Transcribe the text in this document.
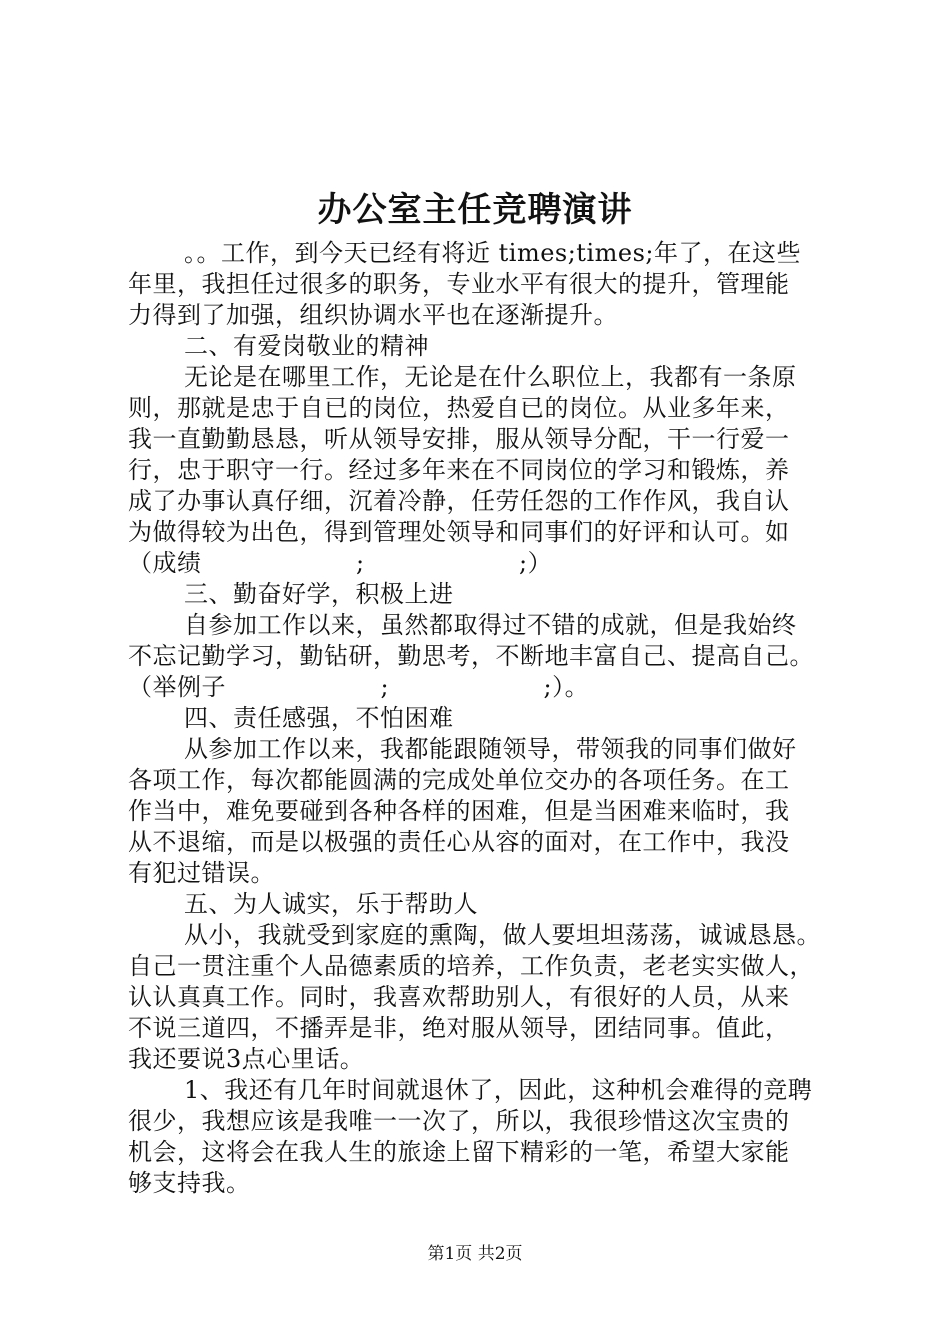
办公室主任竞聘演讲
。。工作，到今天已经有将近 times;times;年了，在这些
年里，我担任过很多的职务，专业水平有很大的提升，管理能
力得到了加强，组织协调水平也在逐渐提升。
二、有爱岗敬业的精神
无论是在哪里工作，无论是在什么职位上，我都有一条原
则，那就是忠于自已的岗位，热爱自已的岗位。从业多年来，
我一直勤勤恳恳，听从领导安排，服从领导分配，干一行爱一
行，忠于职守一行。经过多年来在不同岗位的学习和锻炼，养
成了办事认真仔细，沉着冷静，任劳任怨的工作作风，我自认
为做得较为出色，得到管理处领导和同事们的好评和认可。如
（成绩                   ;                   ;）
三、勤奋好学，积极上进
自参加工作以来，虽然都取得过不错的成就，但是我始终
不忘记勤学习，勤钻研，勤思考，不断地丰富自己、提高自己。
（举例子                   ;                   ;）。
四、责任感强，不怕困难
从参加工作以来，我都能跟随领导，带领我的同事们做好
各项工作，每次都能圆满的完成处单位交办的各项任务。在工
作当中，难免要碰到各种各样的困难，但是当困难来临时，我
从不退缩，而是以极强的责任心从容的面对，在工作中，我没
有犯过错误。
五、为人诚实，乐于帮助人
从小，我就受到家庭的熏陶，做人要坦坦荡荡，诚诚恳恳。
自己一贯注重个人品德素质的培养，工作负责，老老实实做人，
认认真真工作。同时，我喜欢帮助别人，有很好的人员，从来
不说三道四，不播弄是非，绝对服从领导，团结同事。值此，
我还要说3点心里话。
1、我还有几年时间就退休了，因此，这种机会难得的竞聘
很少，我想应该是我唯一一次了，所以，我很珍惜这次宝贵的
机会，这将会在我人生的旅途上留下精彩的一笔，希望大家能
够支持我。
第1页 共2页
